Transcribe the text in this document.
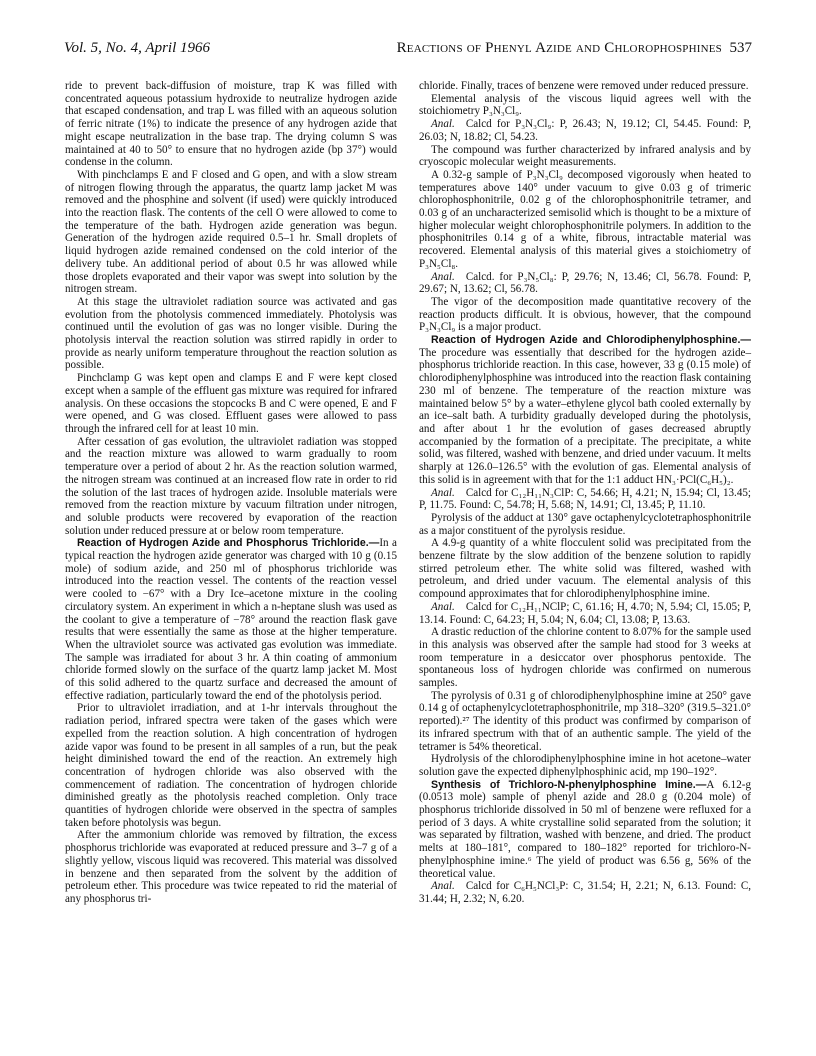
Vol. 5, No. 4, April 1966	Reactions of Phenyl Azide and Chlorophosphines 537

ride to prevent back-diffusion of moisture, trap K was filled with concentrated aqueous potassium hydroxide to neutralize hydrogen azide that escaped condensation, and trap L was filled with an aqueous solution of ferric nitrate (1%) to indicate the presence of any hydrogen azide that might escape neutralization in the base trap. The drying column S was maintained at 40 to 50° to ensure that no hydrogen azide (bp 37°) would condense in the column.

With pinchclamps E and F closed and G open, and with a slow stream of nitrogen flowing through the apparatus, the quartz lamp jacket M was removed and the phosphine and solvent (if used) were quickly introduced into the reaction flask. The contents of the cell O were allowed to come to the temperature of the bath. Hydrogen azide generation was begun. Generation of the hydrogen azide required 0.5–1 hr. Small droplets of liquid hydrogen azide remained condensed on the cold interior of the delivery tube. An additional period of about 0.5 hr was allowed while those droplets evaporated and their vapor was swept into solution by the nitrogen stream.

At this stage the ultraviolet radiation source was activated and gas evolution from the photolysis commenced immediately. Photolysis was continued until the evolution of gas was no longer visible. During the photolysis interval the reaction solution was stirred rapidly in order to provide as nearly uniform temperature throughout the reaction solution as possible.

Pinchclamp G was kept open and clamps E and F were kept closed except when a sample of the effluent gas mixture was required for infrared analysis. On these occasions the stopcocks B and C were opened, E and F were opened, and G was closed. Effluent gases were allowed to pass through the infrared cell for at least 10 min.

After cessation of gas evolution, the ultraviolet radiation was stopped and the reaction mixture was allowed to warm gradually to room temperature over a period of about 2 hr. As the reaction solution warmed, the nitrogen stream was continued at an increased flow rate in order to rid the solution of the last traces of hydrogen azide. Insoluble materials were removed from the reaction mixture by vacuum filtration under nitrogen, and soluble products were recovered by evaporation of the reaction solution under reduced pressure at or below room temperature.

Reaction of Hydrogen Azide and Phosphorus Trichloride.—In a typical reaction the hydrogen azide generator was charged with 10 g (0.15 mole) of sodium azide, and 250 ml of phosphorus trichloride was introduced into the reaction vessel. The contents of the reaction vessel were cooled to −67° with a Dry Ice–acetone mixture in the cooling circulatory system. An experiment in which a n-heptane slush was used as the coolant to give a temperature of −78° around the reaction flask gave results that were essentially the same as those at the higher temperature. When the ultraviolet source was activated gas evolution was immediate. The sample was irradiated for about 3 hr. A thin coating of ammonium chloride formed slowly on the surface of the quartz lamp jacket M. Most of this solid adhered to the quartz surface and decreased the amount of effective radiation, particularly toward the end of the photolysis period.

Prior to ultraviolet irradiation, and at 1-hr intervals throughout the radiation period, infrared spectra were taken of the gases which were expelled from the reaction solution. A high concentration of hydrogen azide vapor was found to be present in all samples of a run, but the peak height diminished toward the end of the reaction. An extremely high concentration of hydrogen chloride was also observed with the commencement of radiation. The concentration of hydrogen chloride diminished greatly as the photolysis reached completion. Only trace quantities of hydrogen chloride were observed in the spectra of samples taken before photolysis was begun.

After the ammonium chloride was removed by filtration, the excess phosphorus trichloride was evaporated at reduced pressure and 3–7 g of a slightly yellow, viscous liquid was recovered. This material was dissolved in benzene and then separated from the solvent by the addition of petroleum ether. This procedure was twice repeated to rid the material of any phosphorus tri-

chloride. Finally, traces of benzene were removed under reduced pressure.

Elemental analysis of the viscous liquid agrees well with the stoichiometry P₃N₃Cl₉.

Anal.  Calcd for P₃N₃Cl₉: P, 26.43; N, 19.12; Cl, 54.45. Found: P, 26.03; N, 18.82; Cl, 54.23.

The compound was further characterized by infrared analysis and by cryoscopic molecular weight measurements.

A 0.32-g sample of P₃N₃Cl₉ decomposed vigorously when heated to temperatures above 140° under vacuum to give 0.03 g of trimeric chlorophosphonitrile, 0.02 g of the chlorophosphonitrile tetramer, and 0.03 g of an uncharacterized semisolid which is thought to be a mixture of higher molecular weight chlorophosphonitrile polymers. In addition to the phosphonitriles 0.14 g of a white, fibrous, intractable material was recovered. Elemental analysis of this material gives a stoichiometry of P₃N₅Cl₈.

Anal.  Calcd. for P₃N₅Cl₈: P, 29.76; N, 13.46; Cl, 56.78. Found: P, 29.67; N, 13.62; Cl, 56.78.

The vigor of the decomposition made quantitative recovery of the reaction products difficult. It is obvious, however, that the compound P₃N₃Cl₉ is a major product.

Reaction of Hydrogen Azide and Chlorodiphenylphosphine.—The procedure was essentially that described for the hydrogen azide–phosphorus trichloride reaction. In this case, however, 33 g (0.15 mole) of chlorodiphenylphosphine was introduced into the reaction flask containing 230 ml of benzene. The temperature of the reaction mixture was maintained below 5° by a water–ethylene glycol bath cooled externally by an ice–salt bath. A turbidity gradually developed during the photolysis, and after about 1 hr the evolution of gases decreased abruptly accompanied by the formation of a precipitate. The precipitate, a white solid, was filtered, washed with benzene, and dried under vacuum. It melts sharply at 126.0–126.5° with the evolution of gas. Elemental analysis of this solid is in agreement with that for the 1:1 adduct HN₃·PCl(C₆H₅)₂.

Anal.  Calcd for C₁₂H₁₁N₃ClP: C, 54.66; H, 4.21; N, 15.94; Cl, 13.45; P, 11.75. Found: C, 54.78; H, 5.68; N, 14.91; Cl, 13.45; P, 11.10.

Pyrolysis of the adduct at 130° gave octaphenylcyclotetraphosphonitrile as a major constituent of the pyrolysis residue.

A 4.9-g quantity of a white flocculent solid was precipitated from the benzene filtrate by the slow addition of the benzene solution to rapidly stirred petroleum ether. The white solid was filtered, washed with petroleum, and dried under vacuum. The elemental analysis of this compound approximates that for chlorodiphenylphosphine imine.

Anal.  Calcd for C₁₂H₁₁NClP; C, 61.16; H, 4.70; N, 5.94; Cl, 15.05; P, 13.14. Found: C, 64.23; H, 5.04; N, 6.04; Cl, 13.08; P, 13.63.

A drastic reduction of the chlorine content to 8.07% for the sample used in this analysis was observed after the sample had stood for 3 weeks at room temperature in a desiccator over phosphorus pentoxide. The spontaneous loss of hydrogen chloride was confirmed on numerous samples.

The pyrolysis of 0.31 g of chlorodiphenylphosphine imine at 250° gave 0.14 g of octaphenylcyclotetraphosphonitrile, mp 318–320° (319.5–321.0° reported).²⁷ The identity of this product was confirmed by comparison of its infrared spectrum with that of an authentic sample. The yield of the tetramer is 54% theoretical.

Hydrolysis of the chlorodiphenylphosphine imine in hot acetone–water solution gave the expected diphenylphosphinic acid, mp 190–192°.

Synthesis of Trichloro-N-phenylphosphine Imine.—A 6.12-g (0.0513 mole) sample of phenyl azide and 28.0 g (0.204 mole) of phosphorus trichloride dissolved in 50 ml of benzene were refluxed for a period of 3 days. A white crystalline solid separated from the solution; it was separated by filtration, washed with benzene, and dried. The product melts at 180–181°, compared to 180–182° reported for trichloro-N-phenylphosphine imine.⁶ The yield of product was 6.56 g, 56% of the theoretical value.

Anal.  Calcd for C₆H₅NCl₃P: C, 31.54; H, 2.21; N, 6.13. Found: C, 31.44; H, 2.32; N, 6.20.
